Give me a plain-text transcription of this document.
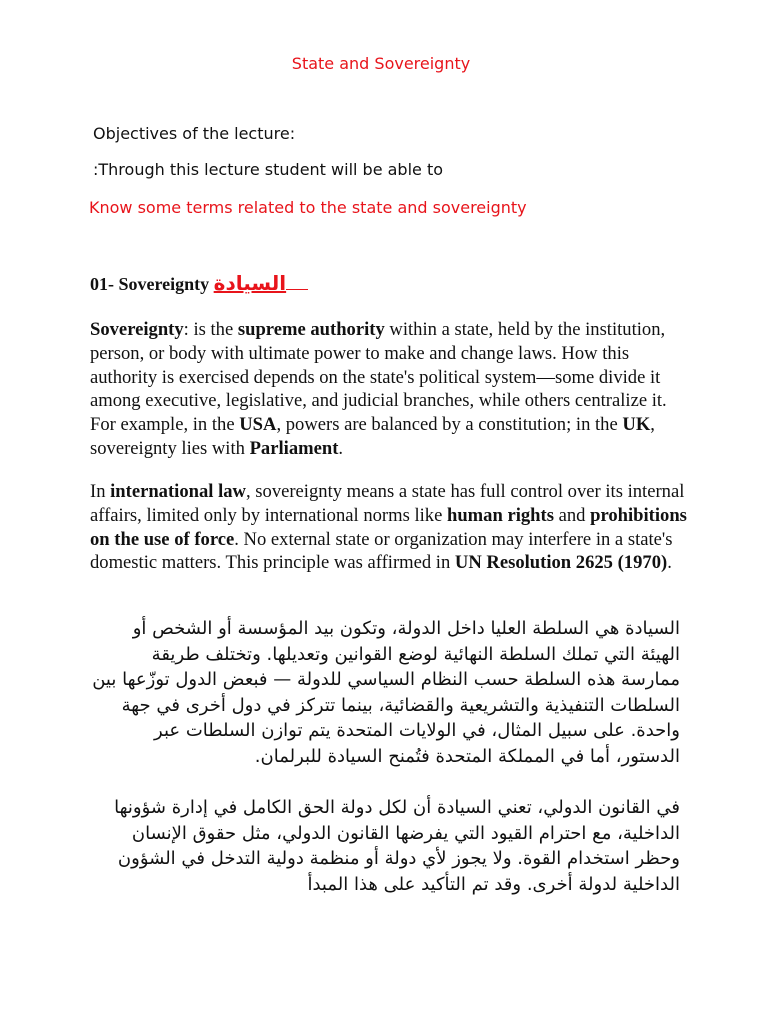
State and Sovereignty
Objectives of the lecture:
:Through this lecture student will be able to
Know some terms related to the state and sovereignty
01- Sovereignty السيادة
Sovereignty: is the supreme authority within a state, held by the institution, person, or body with ultimate power to make and change laws. How this authority is exercised depends on the state's political system—some divide it among executive, legislative, and judicial branches, while others centralize it. For example, in the USA, powers are balanced by a constitution; in the UK, sovereignty lies with Parliament.
In international law, sovereignty means a state has full control over its internal affairs, limited only by international norms like human rights and prohibitions on the use of force. No external state or organization may interfere in a state's domestic matters. This principle was affirmed in UN Resolution 2625 (1970).
السيادة هي السلطة العليا داخل الدولة، وتكون بيد المؤسسة أو الشخص أو الهيئة التي تملك السلطة النهائية لوضع القوانين وتعديلها. وتختلف طريقة ممارسة هذه السلطة حسب النظام السياسي للدولة — فبعض الدول توزّعها بين السلطات التنفيذية والتشريعية والقضائية، بينما تتركز في دول أخرى في جهة واحدة. على سبيل المثال، في الولايات المتحدة يتم توازن السلطات عبر الدستور، أما في المملكة المتحدة فتُمنح السيادة للبرلمان.
في القانون الدولي، تعني السيادة أن لكل دولة الحق الكامل في إدارة شؤونها الداخلية، مع احترام القيود التي يفرضها القانون الدولي، مثل حقوق الإنسان وحظر استخدام القوة. ولا يجوز لأي دولة أو منظمة دولية التدخل في الشؤون الداخلية لدولة أخرى. وقد تم التأكيد على هذا المبدأ
